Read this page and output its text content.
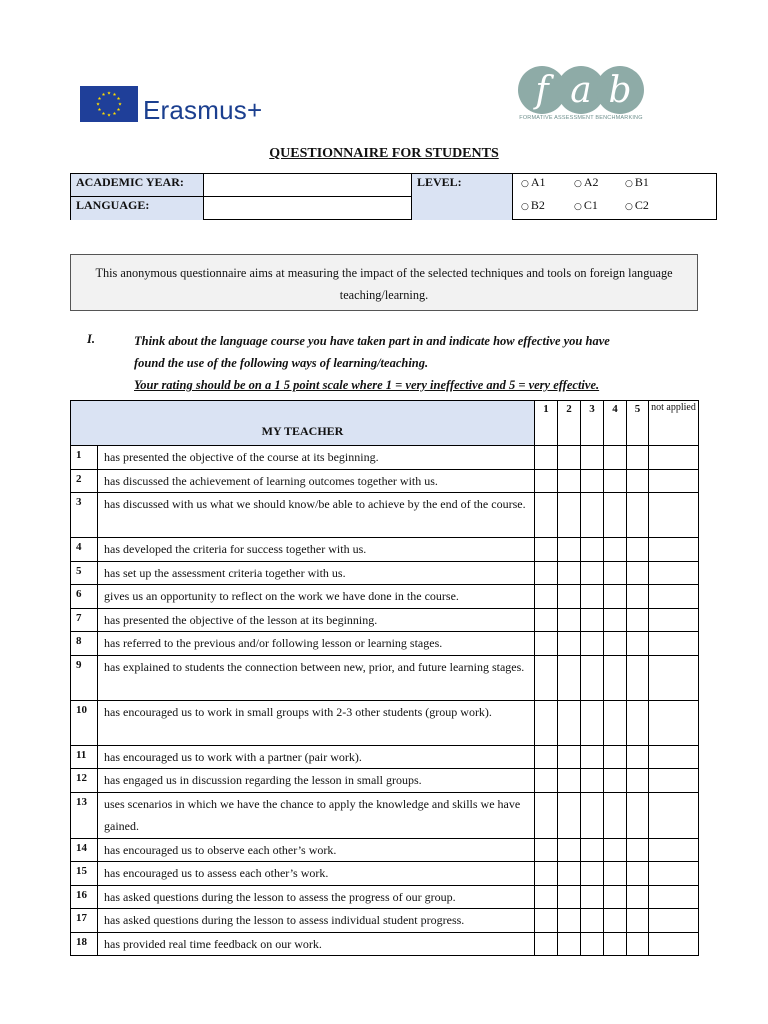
Erasmus+	f a b
FORMATIVE ASSESSMENT BENCHMARKING
QUESTIONNAIRE FOR STUDENTS
ACADEMIC YEAR:
LANGUAGE:
LEVEL:	○ A1	○ A2	○ B1
○ B2	○ C1	○ C2
This anonymous questionnaire aims at measuring the impact of the selected techniques and tools on foreign language teaching/learning.
I.	Think about the language course you have taken part in and indicate how effective you have
found the use of the following ways of learning/teaching.
Your rating should be on a 1 5 point scale where 1 = very ineffective and 5 = very effective.
MY TEACHER		1	2	3	4	5	not applied
1	has presented the objective of the course at its beginning.						
2	has discussed the achievement of learning outcomes together with us.						
3	has discussed with us what we should know/be able to achieve by the end of the course.						
4	has developed the criteria for success together with us.						
5	has set up the assessment criteria together with us.						
6	gives us an opportunity to reflect on the work we have done in the course.						
7	has presented the objective of the lesson at its beginning.						
8	has referred to the previous and/or following lesson or learning stages.						
9	has explained to students the connection between new, prior, and future learning stages.						
10	has encouraged us to work in small groups with 2-3 other students (group work).						
11	has encouraged us to work with a partner (pair work).						
12	has engaged us in discussion regarding the lesson in small groups.						
13	uses scenarios in which we have the chance to apply the knowledge and skills we have gained.						
14	has encouraged us to observe each other’s work.						
15	has encouraged us to assess each other’s work.						
16	has asked questions during the lesson to assess the progress of our group.						
17	has asked questions during the lesson to assess individual student progress.						
18	has provided real time feedback on our work.						
